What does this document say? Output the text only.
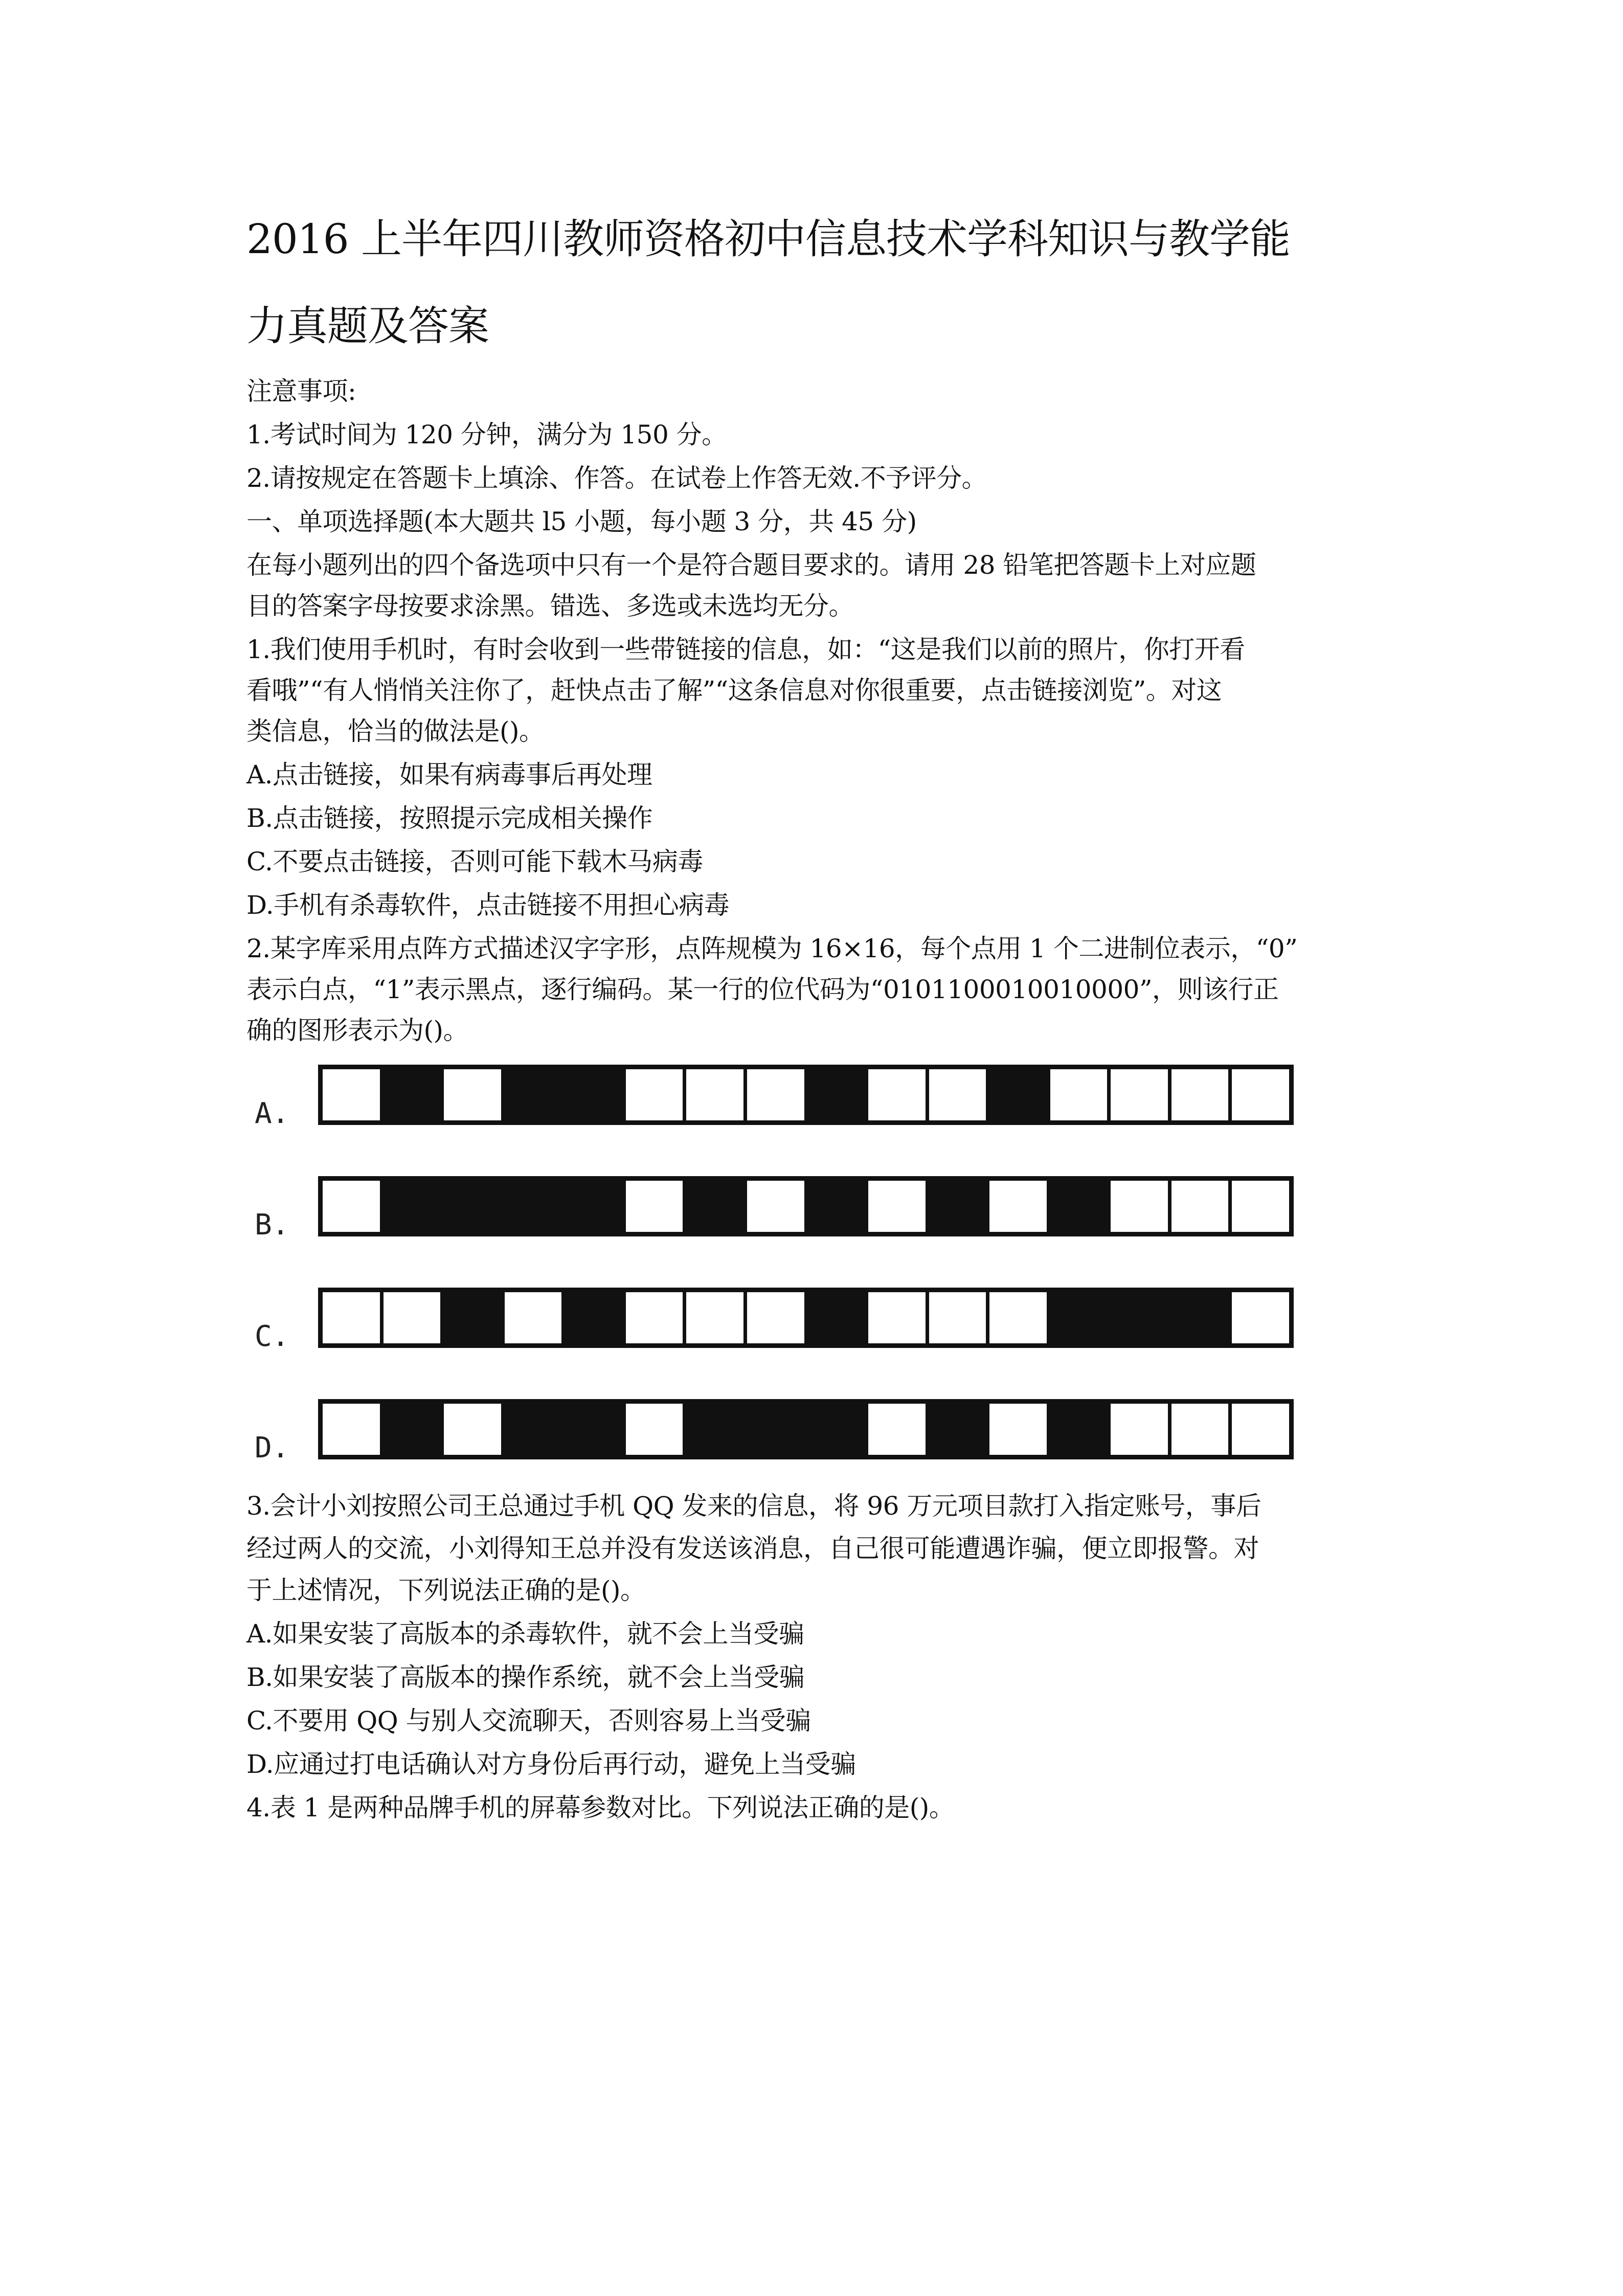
2016 上半年四川教师资格初中信息技术学科知识与教学能
力真题及答案
注意事项:
1.考试时间为 120 分钟，满分为 150 分。
2.请按规定在答题卡上填涂、作答。在试卷上作答无效.不予评分。
一、单项选择题(本大题共 l5 小题，每小题 3 分，共 45 分)
在每小题列出的四个备选项中只有一个是符合题目要求的。请用 28 铅笔把答题卡上对应题
目的答案字母按要求涂黑。错选、多选或未选均无分。
1.我们使用手机时，有时会收到一些带链接的信息，如：“这是我们以前的照片，你打开看
看哦”“有人悄悄关注你了，赶快点击了解”“这条信息对你很重要，点击链接浏览”。对这
类信息，恰当的做法是()。
A.点击链接，如果有病毒事后再处理
B.点击链接，按照提示完成相关操作
C.不要点击链接，否则可能下载木马病毒
D.手机有杀毒软件，点击链接不用担心病毒
2.某字库采用点阵方式描述汉字字形，点阵规模为 16×16，每个点用 1 个二进制位表示，“0”
表示白点，“1”表示黑点，逐行编码。某一行的位代码为“0101100010010000”，则该行正
确的图形表示为()。
A.
B.
C.
D.
3.会计小刘按照公司王总通过手机 QQ 发来的信息，将 96 万元项目款打入指定账号，事后
经过两人的交流，小刘得知王总并没有发送该消息，自己很可能遭遇诈骗，便立即报警。对
于上述情况，下列说法正确的是()。
A.如果安装了高版本的杀毒软件，就不会上当受骗
B.如果安装了高版本的操作系统，就不会上当受骗
C.不要用 QQ 与别人交流聊天，否则容易上当受骗
D.应通过打电话确认对方身份后再行动，避免上当受骗
4.表 1 是两种品牌手机的屏幕参数对比。下列说法正确的是()。
